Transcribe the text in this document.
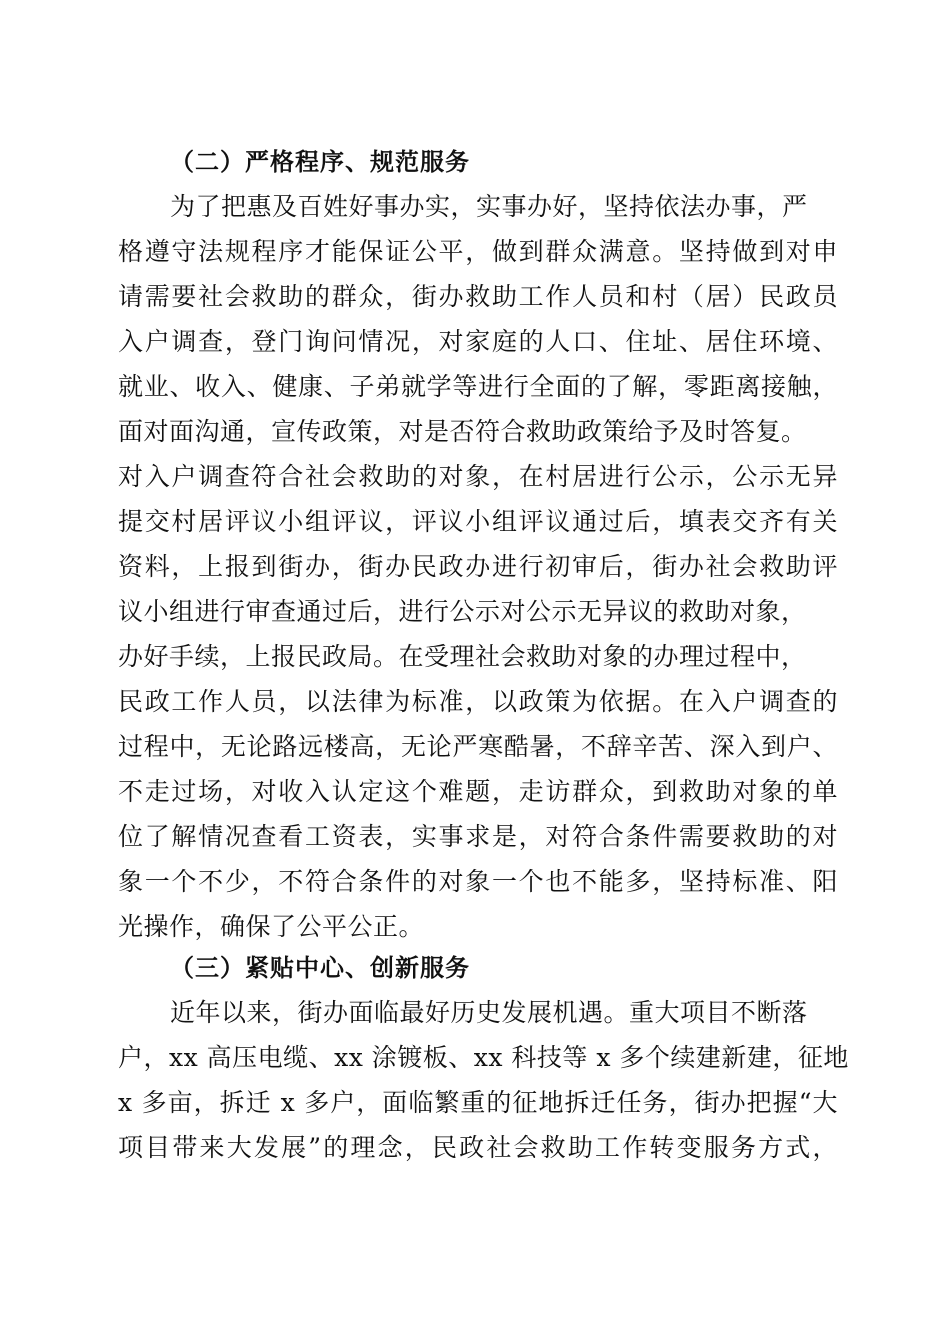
（二）严格程序、规范服务
为了把惠及百姓好事办实，实事办好，坚持依法办事，严
格遵守法规程序才能保证公平，做到群众满意。坚持做到对申
请需要社会救助的群众，街办救助工作人员和村（居）民政员
入户调查，登门询问情况，对家庭的人口、住址、居住环境、
就业、收入、健康、子弟就学等进行全面的了解，零距离接触，
面对面沟通，宣传政策，对是否符合救助政策给予及时答复。
对入户调查符合社会救助的对象，在村居进行公示，公示无异
提交村居评议小组评议，评议小组评议通过后，填表交齐有关
资料，上报到街办，街办民政办进行初审后，街办社会救助评
议小组进行审查通过后，进行公示对公示无异议的救助对象，
办好手续，上报民政局。在受理社会救助对象的办理过程中，
民政工作人员，以法律为标准，以政策为依据。在入户调查的
过程中，无论路远楼高，无论严寒酷暑，不辞辛苦、深入到户、
不走过场，对收入认定这个难题，走访群众，到救助对象的单
位了解情况查看工资表，实事求是，对符合条件需要救助的对
象一个不少，不符合条件的对象一个也不能多，坚持标准、阳
光操作，确保了公平公正。
（三）紧贴中心、创新服务
近年以来，街办面临最好历史发展机遇。重大项目不断落
户，xx 高压电缆、xx 涂镀板、xx 科技等 x 多个续建新建，征地
x 多亩，拆迁 x 多户，面临繁重的征地拆迁任务，街办把握“大
项目带来大发展”的理念，民政社会救助工作转变服务方式，
